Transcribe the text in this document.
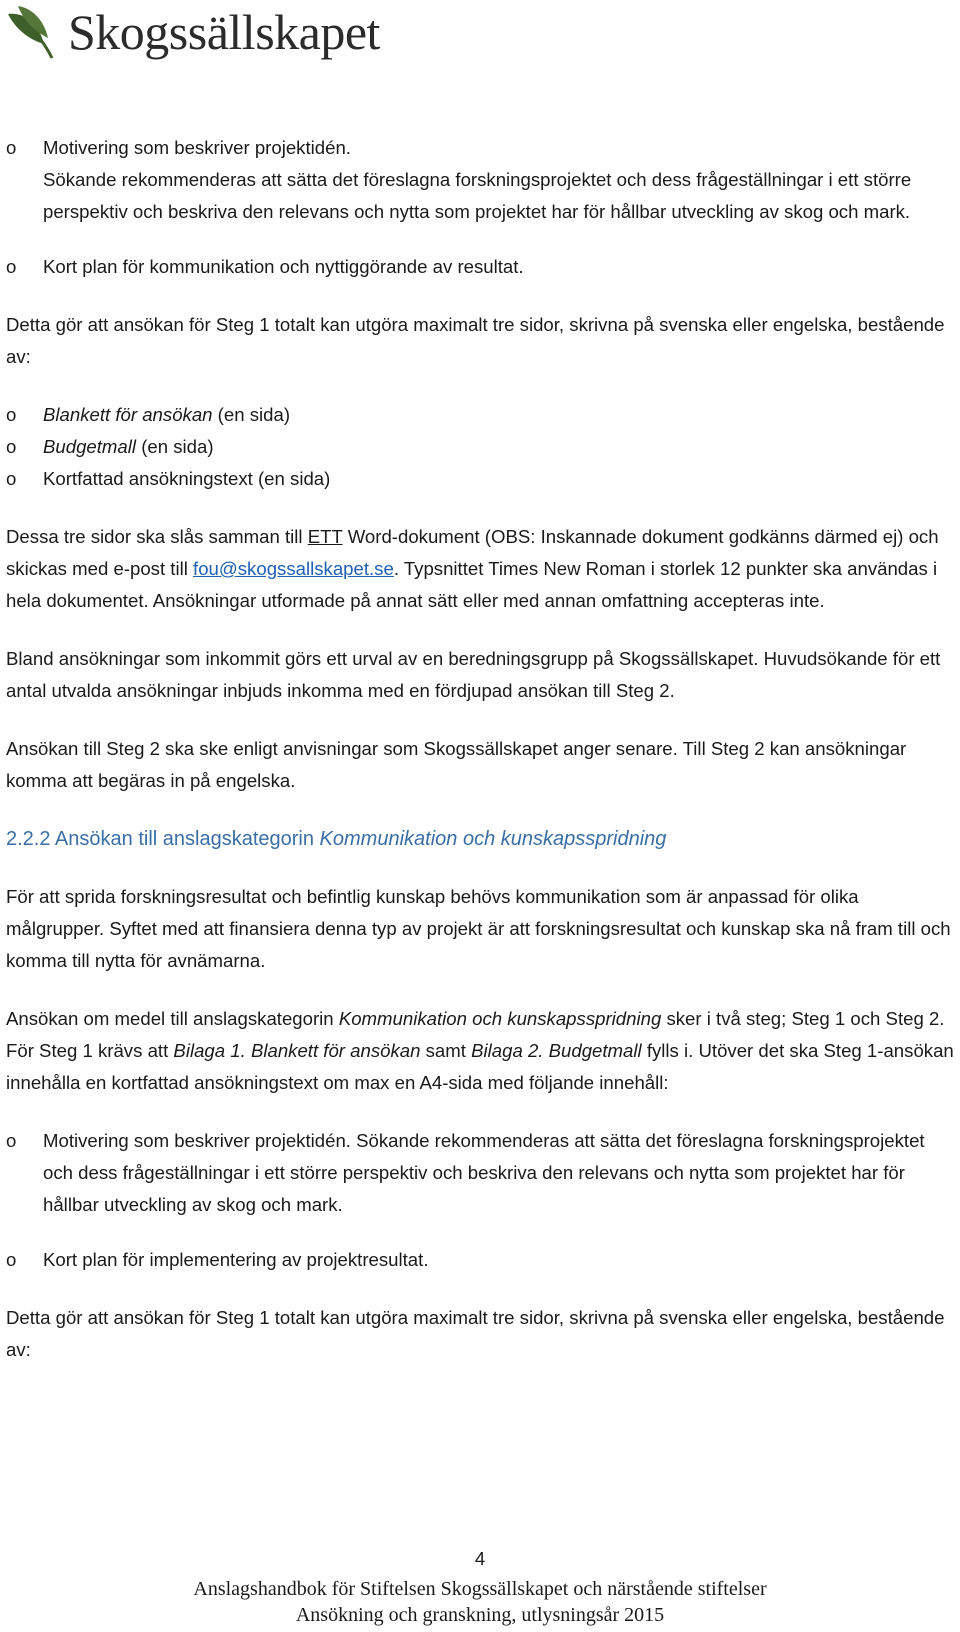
Skogssällskapet

o Motivering som beskriver projektidén.

Sökande rekommenderas att sätta det föreslagna forskningsprojektet och dess frågeställningar i ett större perspektiv och beskriva den relevans och nytta som projektet har för hållbar utveckling av skog och mark.

o Kort plan för kommunikation och nyttiggörande av resultat.

Detta gör att ansökan för Steg 1 totalt kan utgöra maximalt tre sidor, skrivna på svenska eller engelska, bestående av:

o Blankett för ansökan (en sida)

o Budgetmall (en sida)

o Kortfattad ansökningstext (en sida)

Dessa tre sidor ska slås samman till ETT Word-dokument (OBS: Inskannade dokument godkänns därmed ej) och skickas med e-post till fou@skogssallskapet.se. Typsnittet Times New Roman i storlek 12 punkter ska användas i hela dokumentet. Ansökningar utformade på annat sätt eller med annan omfattning accepteras inte.

Bland ansökningar som inkommit görs ett urval av en beredningsgrupp på Skogssällskapet. Huvudsökande för ett antal utvalda ansökningar inbjuds inkomma med en fördjupad ansökan till Steg 2.

Ansökan till Steg 2 ska ske enligt anvisningar som Skogssällskapet anger senare. Till Steg 2 kan ansökningar komma att begäras in på engelska.

2.2.2 Ansökan till anslagskategorin Kommunikation och kunskapsspridning

För att sprida forskningsresultat och befintlig kunskap behövs kommunikation som är anpassad för olika målgrupper. Syftet med att finansiera denna typ av projekt är att forskningsresultat och kunskap ska nå fram till och komma till nytta för avnämarna.

Ansökan om medel till anslagskategorin Kommunikation och kunskapsspridning sker i två steg; Steg 1 och Steg 2. För Steg 1 krävs att Bilaga 1. Blankett för ansökan samt Bilaga 2. Budgetmall fylls i. Utöver det ska Steg 1-ansökan innehålla en kortfattad ansökningstext om max en A4-sida med följande innehåll:

o Motivering som beskriver projektidén. Sökande rekommenderas att sätta det föreslagna forskningsprojektet och dess frågeställningar i ett större perspektiv och beskriva den relevans och nytta som projektet har för hållbar utveckling av skog och mark.

o Kort plan för implementering av projektresultat.

Detta gör att ansökan för Steg 1 totalt kan utgöra maximalt tre sidor, skrivna på svenska eller engelska, bestående av:

4
Anslagshandbok för Stiftelsen Skogssällskapet och närstående stiftelser
Ansökning och granskning, utlysningsår 2015
